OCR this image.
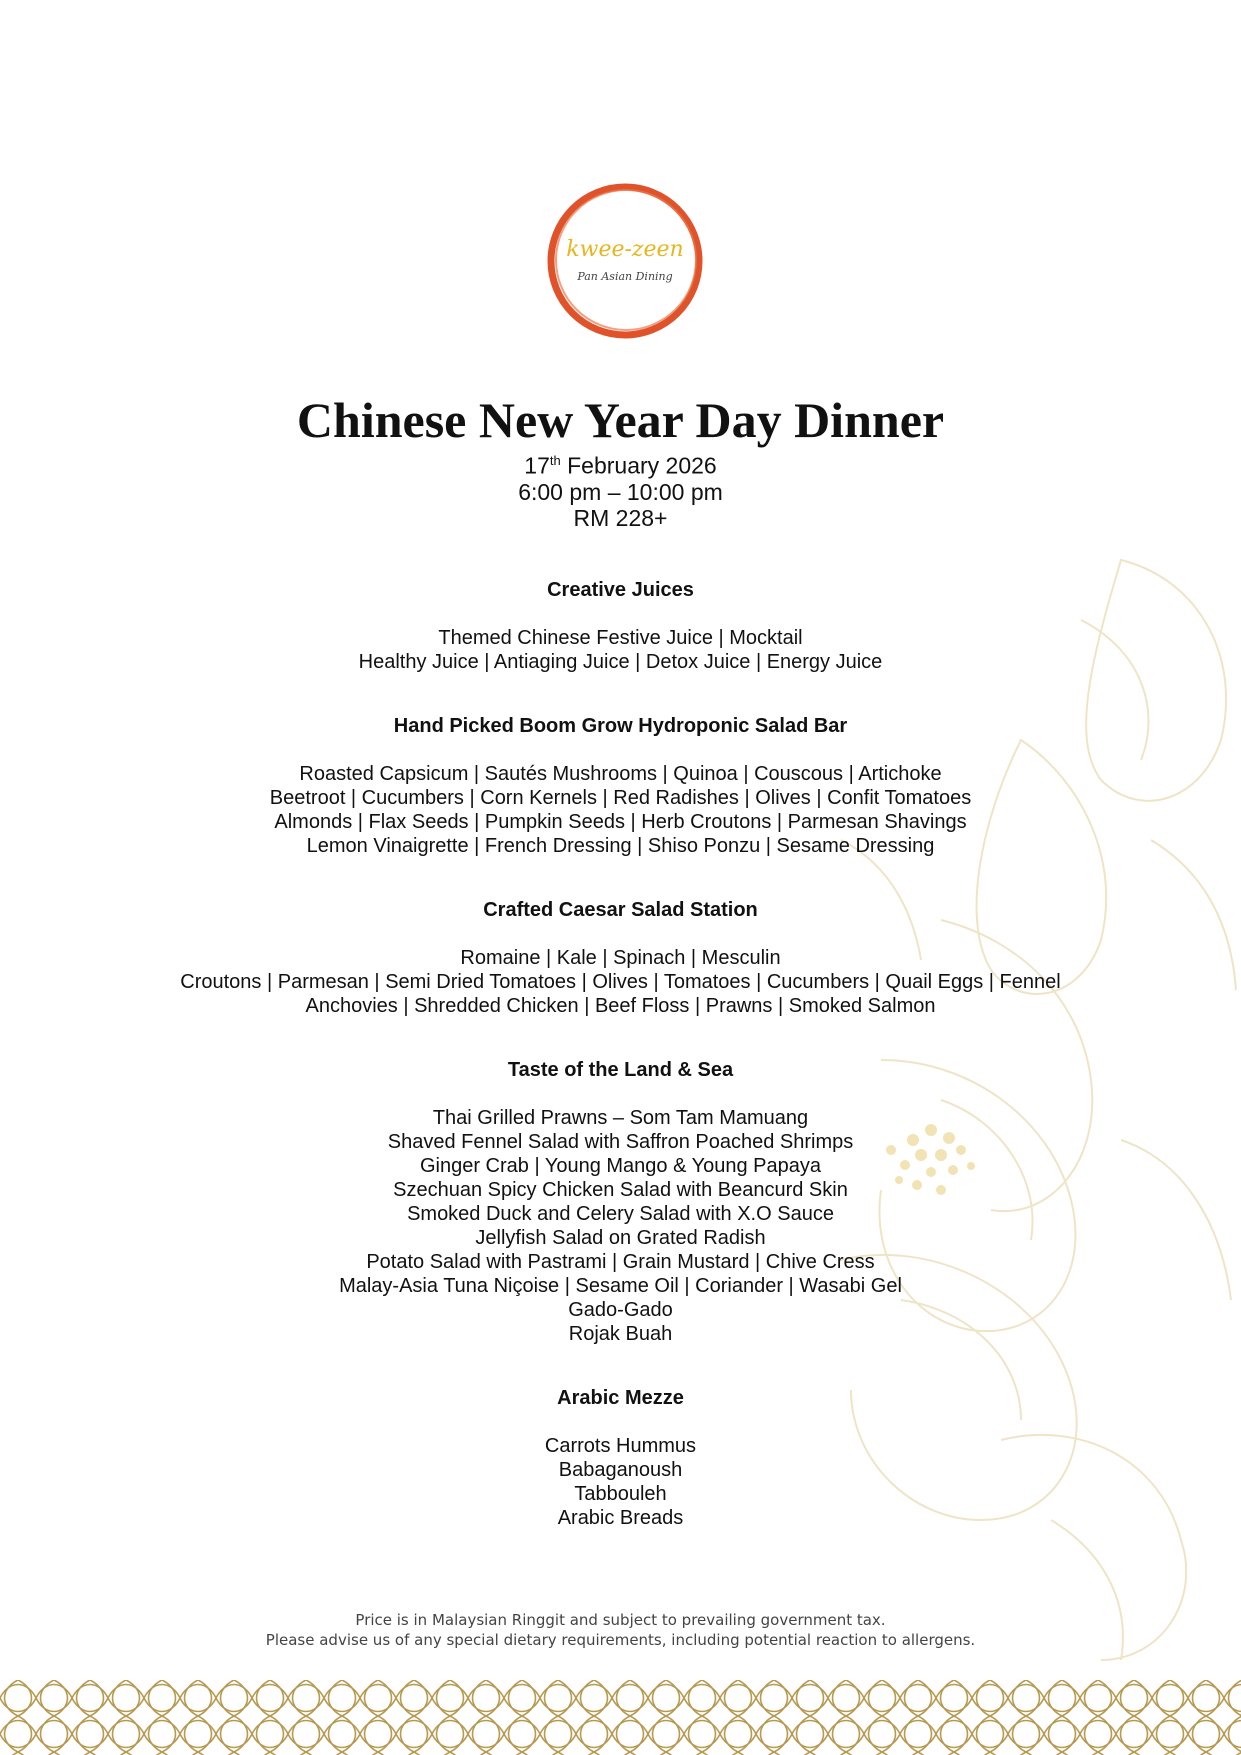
kwee-zeen
Pan Asian Dining
Chinese New Year Day Dinner
17th February 2026
6:00 pm – 10:00 pm
RM 228+
Creative Juices
Themed Chinese Festive Juice | Mocktail
Healthy Juice | Antiaging Juice | Detox Juice | Energy Juice
Hand Picked Boom Grow Hydroponic Salad Bar
Roasted Capsicum | Sautés Mushrooms | Quinoa | Couscous | Artichoke
Beetroot | Cucumbers | Corn Kernels | Red Radishes | Olives | Confit Tomatoes
Almonds | Flax Seeds | Pumpkin Seeds | Herb Croutons | Parmesan Shavings
Lemon Vinaigrette | French Dressing | Shiso Ponzu | Sesame Dressing
Crafted Caesar Salad Station
Romaine | Kale | Spinach | Mesculin
Croutons | Parmesan | Semi Dried Tomatoes | Olives | Tomatoes | Cucumbers | Quail Eggs | Fennel
Anchovies | Shredded Chicken | Beef Floss | Prawns | Smoked Salmon
Taste of the Land & Sea
Thai Grilled Prawns – Som Tam Mamuang
Shaved Fennel Salad with Saffron Poached Shrimps
Ginger Crab | Young Mango & Young Papaya
Szechuan Spicy Chicken Salad with Beancurd Skin
Smoked Duck and Celery Salad with X.O Sauce
Jellyfish Salad on Grated Radish
Potato Salad with Pastrami | Grain Mustard | Chive Cress
Malay-Asia Tuna Niçoise | Sesame Oil | Coriander | Wasabi Gel
Gado-Gado
Rojak Buah
Arabic Mezze
Carrots Hummus
Babaganoush
Tabbouleh
Arabic Breads
Price is in Malaysian Ringgit and subject to prevailing government tax.
Please advise us of any special dietary requirements, including potential reaction to allergens.
